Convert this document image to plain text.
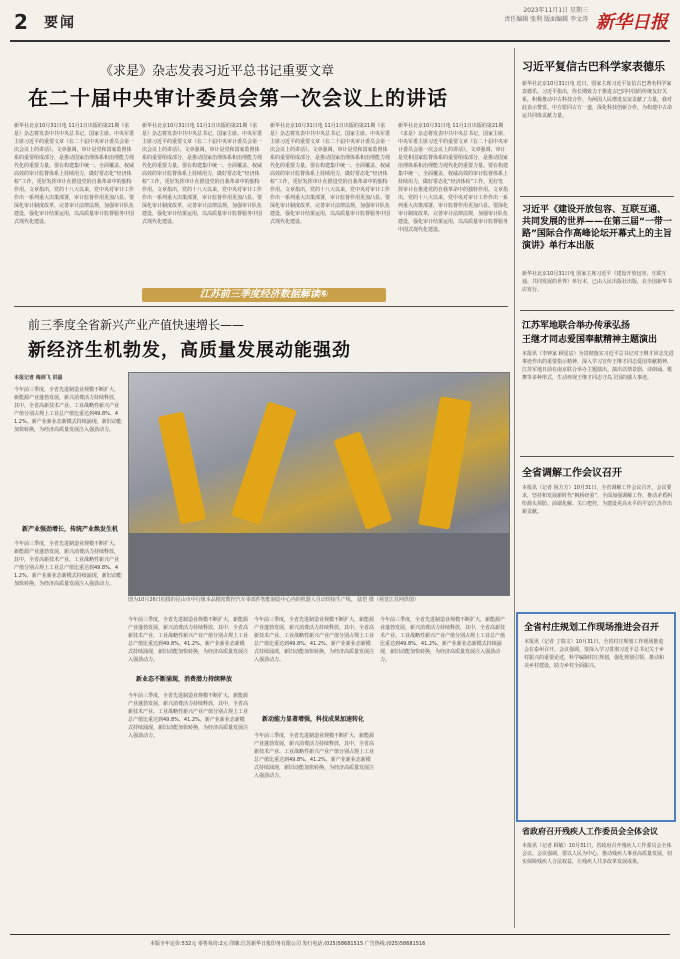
2 要闻
2023年11月1日 星期三
责任编辑 张利 版面编辑 李文涛 新华日报
《求是》杂志发表习近平总书记重要文章
在二十届中央审计委员会第一次会议上的讲话
新华社北京10月31日电 11月1日出版的第21期《求是》杂志将发表中共中央总书记、国家主席、中央军委主席习近平的重要文章《在二十届中央审计委员会第一次会议上的讲话》。文章强调，审计是党和国家监督体系的重要组成部分，是推动国家治理体系和治理能力现代化的重要力量。要在构建集中统一、全面覆盖、权威高效的审计监督体系上持续用力，做好常态化“经济体检”工作，更好发挥审计在推进党的自我革命中的独特作用。文章指出，党的十八大以来，党中央对审计工作作出一系列重大决策部署，审计监督作用更加凸显。要深化审计制度改革，完善审计法律法规，加强审计队伍建设，强化审计结果运用，以高质量审计监督服务中国式现代化建设。
新华社北京10月31日电 11月1日出版的第21期《求是》杂志将发表中共中央总书记、国家主席、中央军委主席习近平的重要文章《在二十届中央审计委员会第一次会议上的讲话》。文章强调，审计是党和国家监督体系的重要组成部分，是推动国家治理体系和治理能力现代化的重要力量。要在构建集中统一、全面覆盖、权威高效的审计监督体系上持续用力，做好常态化“经济体检”工作，更好发挥审计在推进党的自我革命中的独特作用。文章指出，党的十八大以来，党中央对审计工作作出一系列重大决策部署，审计监督作用更加凸显。要深化审计制度改革，完善审计法律法规，加强审计队伍建设，强化审计结果运用，以高质量审计监督服务中国式现代化建设。
新华社北京10月31日电 11月1日出版的第21期《求是》杂志将发表中共中央总书记、国家主席、中央军委主席习近平的重要文章《在二十届中央审计委员会第一次会议上的讲话》。文章强调，审计是党和国家监督体系的重要组成部分，是推动国家治理体系和治理能力现代化的重要力量。要在构建集中统一、全面覆盖、权威高效的审计监督体系上持续用力，做好常态化“经济体检”工作，更好发挥审计在推进党的自我革命中的独特作用。文章指出，党的十八大以来，党中央对审计工作作出一系列重大决策部署，审计监督作用更加凸显。要深化审计制度改革，完善审计法律法规，加强审计队伍建设，强化审计结果运用，以高质量审计监督服务中国式现代化建设。
新华社北京10月31日电 11月1日出版的第21期《求是》杂志将发表中共中央总书记、国家主席、中央军委主席习近平的重要文章《在二十届中央审计委员会第一次会议上的讲话》。文章强调，审计是党和国家监督体系的重要组成部分，是推动国家治理体系和治理能力现代化的重要力量。要在构建集中统一、全面覆盖、权威高效的审计监督体系上持续用力，做好常态化“经济体检”工作，更好发挥审计在推进党的自我革命中的独特作用。文章指出，党的十八大以来，党中央对审计工作作出一系列重大决策部署，审计监督作用更加凸显。要深化审计制度改革，完善审计法律法规，加强审计队伍建设，强化审计结果运用，以高质量审计监督服务中国式现代化建设。
江苏前三季度经济数据解读⑥
前三季度全省新兴产业产值快速增长——
新经济生机勃发，高质量发展动能强劲
本报记者 梅剑飞 洪磊
今年前三季度，全省先进制造业规模不断扩大，新能源产业蓬勃发展，新兴消费活力持续释放，其中，全省高新技术产业、工业战略性新兴产业产值分别占规上工业总产值比重达到49.8%、41.2%。新产业新业态新模式持续涌现，新旧动能加快转换，为经济高质量发展注入强劲动力。
新产业强劲增长，传统产业焕发生机
今年前三季度，全省先进制造业规模不断扩大，新能源产业蓬勃发展，新兴消费活力持续释放，其中，全省高新技术产业、工业战略性新兴产业产值分别占规上工业总产值比重达到49.8%、41.2%。新产业新业态新模式持续涌现，新旧动能加快转换，为经济高质量发展注入强劲动力。
图为10月26日拍摄的昆山市中行镇本品精密数控汽车零部件智能制造中心内的机器人自动焊接生产线。 陆恺 摄（视觉江苏网供图）
今年前三季度，全省先进制造业规模不断扩大，新能源产业蓬勃发展，新兴消费活力持续释放，其中，全省高新技术产业、工业战略性新兴产业产值分别占规上工业总产值比重达到49.8%、41.2%。新产业新业态新模式持续涌现，新旧动能加快转换，为经济高质量发展注入强劲动力。
新业态不断涌现，消费潜力持续释放
今年前三季度，全省先进制造业规模不断扩大，新能源产业蓬勃发展，新兴消费活力持续释放，其中，全省高新技术产业、工业战略性新兴产业产值分别占规上工业总产值比重达到49.8%、41.2%。新产业新业态新模式持续涌现，新旧动能加快转换，为经济高质量发展注入强劲动力。
今年前三季度，全省先进制造业规模不断扩大，新能源产业蓬勃发展，新兴消费活力持续释放，其中，全省高新技术产业、工业战略性新兴产业产值分别占规上工业总产值比重达到49.8%、41.2%。新产业新业态新模式持续涌现，新旧动能加快转换，为经济高质量发展注入强劲动力。
新动能力显著增强，科技成果加速转化
今年前三季度，全省先进制造业规模不断扩大，新能源产业蓬勃发展，新兴消费活力持续释放，其中，全省高新技术产业、工业战略性新兴产业产值分别占规上工业总产值比重达到49.8%、41.2%。新产业新业态新模式持续涌现，新旧动能加快转换，为经济高质量发展注入强劲动力。
今年前三季度，全省先进制造业规模不断扩大，新能源产业蓬勃发展，新兴消费活力持续释放，其中，全省高新技术产业、工业战略性新兴产业产值分别占规上工业总产值比重达到49.8%、41.2%。新产业新业态新模式持续涌现，新旧动能加快转换，为经济高质量发展注入强劲动力。
习近平复信古巴科学家表德乐
新华社北京10月31日电 近日，国家主席习近平复信古巴著名科学家表德乐。习近平指出，你长期致力于推进古巴同中国的传统友好关系，积极推动中古科技合作，为两国人民增进友谊贡献了力量，我对此表示赞赏。中方愿同古方一道，深化科技创新合作，为构建中古命运共同体贡献力量。
习近平《建设开放包容、互联互通、共同发展的世界——在第三届“一带一路”国际合作高峰论坛开幕式上的主旨演讲》单行本出版
新华社北京10月31日电 国家主席习近平《建设开放包容、互联互通、共同发展的世界》单行本，已由人民出版社出版，在全国新华书店发行。
江苏军地联合举办传承弘扬
王继才同志爱国奉献精神主题演出
本报讯（李钟家 顾星辰）为贯彻落实习近平总书记对王继才同志先进事迹作出的重要指示精神，深入学习宣传王继才同志爱国奉献精神，江苏军地日前在南京联合举办主题演出。演出以情景剧、诗朗诵、歌舞等多种形式，生动再现王继才同志守岛卫国的感人事迹。
全省调解工作会议召开
本报讯（记者 倪方方）10月31日，全省调解工作会议召开。会议要求，坚持和发展新时代“枫桥经验”，全面加强调解工作，推动矛盾纠纷源头预防、前端化解、关口把控，为建设更高水平的平安江苏作出新贡献。
全省村庄规划工作现场推进会召开
本报讯（记者 丁瑞文）10月31日，全省村庄规划工作现场推进会在泰州召开。会议强调，要深入学习贯彻习近平总书记关于乡村振兴的重要论述，科学编制村庄规划，强化规划引领，推动和美乡村建设，助力乡村全面振兴。
省政府召开残疾人工作委员会全体会议
本报讯（记者 顾敏）10月31日，省政府召开残疾人工作委员会全体会议。会议强调，要以人民为中心，推动残疾人事业高质量发展，切实保障残疾人合法权益，让残疾人共享改革发展成果。
本版全年定价:532元 零售每份:2元 印刷:江苏新华日报印务有限公司 发行电话:(025)58681515 广告热线:(025)58681516
